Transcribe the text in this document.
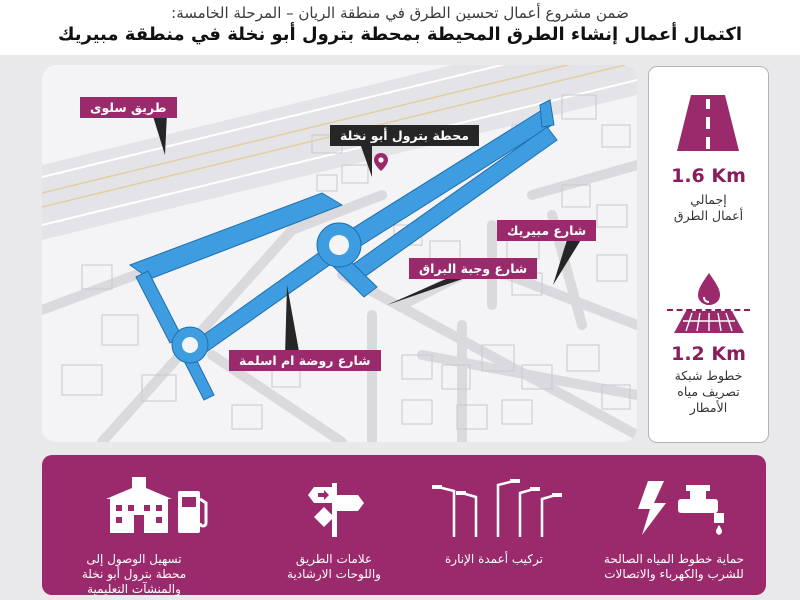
ضمن مشروع أعمال تحسين الطرق في منطقة الريان – المرحلة الخامسة:
اكتمال أعمال إنشاء الطرق المحيطة بمحطة بترول أبو نخلة في منطقة مبيريك
طريق سلوى
محطة بترول أبو نخلة
شارع مبيريك
شارع وجبة البراق
شارع روضة ام اسلمة
1.6 Km
إجمالي
أعمال الطرق
1.2 Km
خطوط شبكة
تصريف مياه
الأمطار
تسهيل الوصول إلى
محطة بترول أبو نخلة
والمنشآت التعليمية
علامات الطريق
واللوحات الارشادية
تركيب أعمدة الإنارة	حماية خطوط المياه الصالحة
للشرب والكهرباء والاتصالات
